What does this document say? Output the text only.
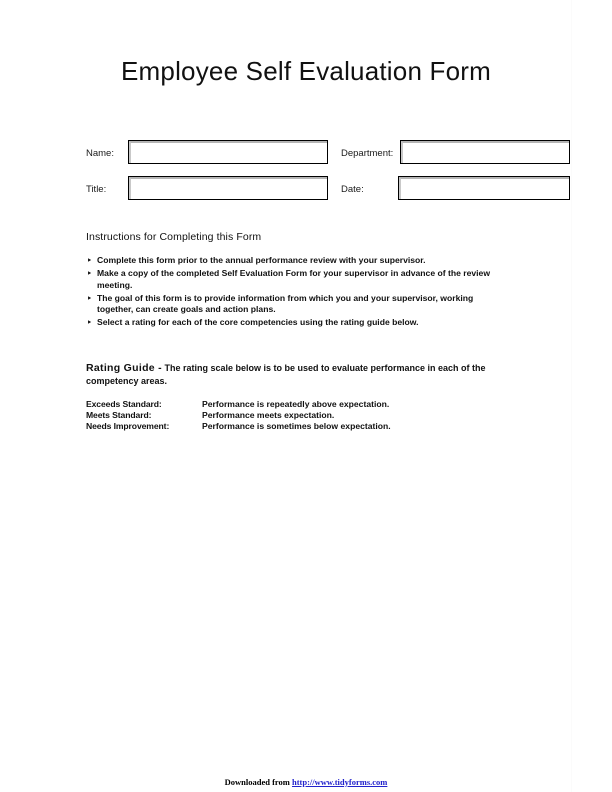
Employee Self Evaluation Form
Name:	Department:
Title:	Date:
Instructions for Completing this Form
‣ Complete this form prior to the annual performance review with your supervisor.
‣ Make a copy of the completed Self Evaluation Form for your supervisor in advance of the review meeting.
‣ The goal of this form is to provide information from which you and your supervisor, working together, can create goals and action plans.
‣ Select a rating for each of the core competencies using the rating guide below.
Rating Guide - The rating scale below is to be used to evaluate performance in each of the competency areas.
Exceeds Standard:	Performance is repeatedly above expectation.
Meets Standard:	Performance meets expectation.
Needs Improvement:	Performance is sometimes below expectation.
Downloaded from http://www.tidyforms.com
